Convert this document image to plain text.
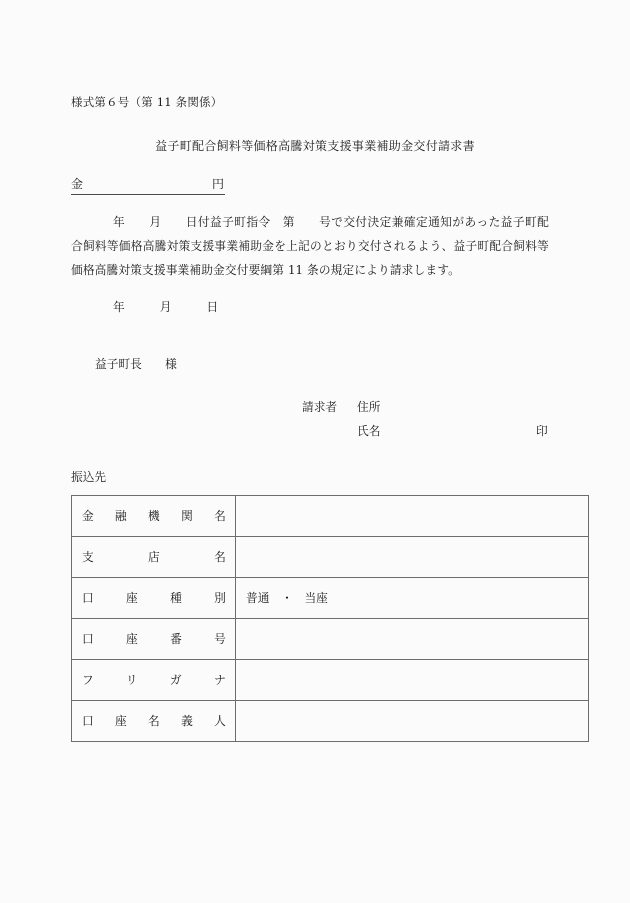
様式第６号（第 11 条関係）
益子町配合飼料等価格高騰対策支援事業補助金交付請求書
金	円
年　　月　　日付益子町指令　第　　号で交付決定兼確定通知があった益子町配合飼料等価格高騰対策支援事業補助金を上記のとおり交付されるよう、益子町配合飼料等価格高騰対策支援事業補助金交付要綱第 11 条の規定により請求します。
年　　　月　　　日
益子町長　　様

請求者

住所

氏名

	印

振込先
金融機関名	

支店名	

口座種別	普通　・　当座

口座番号	

フリガナ	

口座名義人	
